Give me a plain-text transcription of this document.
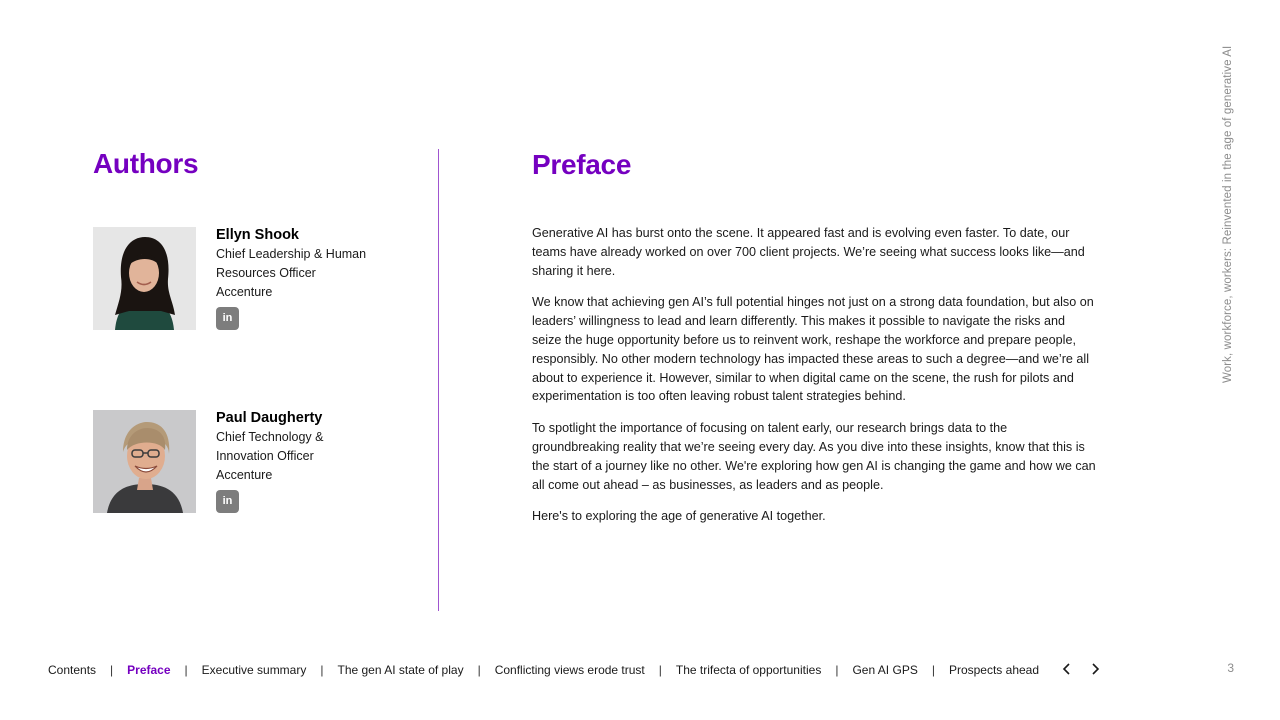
Work, workforce, workers: Reinvented in the age of generative AI
Authors
Ellyn Shook
Chief Leadership & Human
Resources Officer
Accenture
in
Paul Daugherty
Chief Technology &
Innovation Officer
Accenture
in
Preface

Generative AI has burst onto the scene. It appeared fast and is evolving even faster. To date, our teams have already worked on over 700 client projects. We’re seeing what success looks like—and sharing it here.

We know that achieving gen AI’s full potential hinges not just on a strong data foundation, but also on leaders’ willingness to lead and learn differently. This makes it possible to navigate the risks and seize the huge opportunity before us to reinvent work, reshape the workforce and prepare people, responsibly. No other modern technology has impacted these areas to such a degree—and we’re all about to experience it. However, similar to when digital came on the scene, the rush for pilots and experimentation is too often leaving robust talent strategies behind.

To spotlight the importance of focusing on talent early, our research brings data to the groundbreaking reality that we’re seeing every day. As you dive into these insights, know that this is the start of a journey like no other. We're exploring how gen AI is changing the game and how we can all come out ahead – as businesses, as leaders and as people.

Here's to exploring the age of generative AI together.

Contents | Preface | Executive summary | The gen AI state of play | Conflicting views erode trust | The trifecta of opportunities | Gen AI GPS | Prospects ahead	3
